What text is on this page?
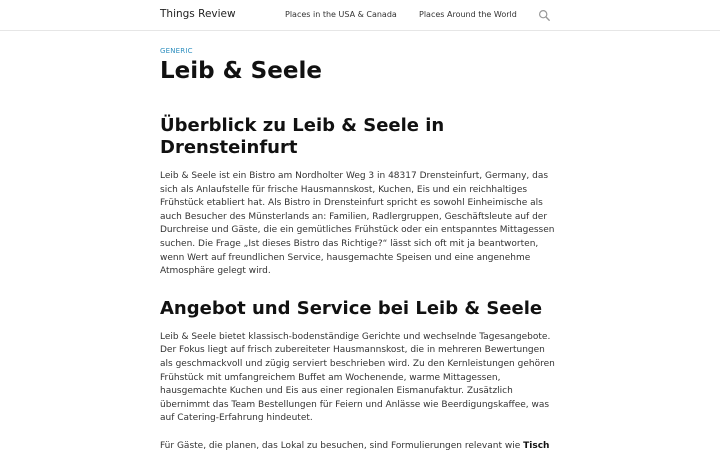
Things Review	Places in the USA & Canada	Places Around the World
GENERIC
Leib & Seele
Überblick zu Leib & Seele in Drensteinfurt

Leib & Seele ist ein Bistro am Nordholter Weg 3 in 48317 Drensteinfurt, Germany, das sich als Anlaufstelle für frische Hausmannskost, Kuchen, Eis und ein reichhaltiges Frühstück etabliert hat. Als Bistro in Drensteinfurt spricht es sowohl Einheimische als auch Besucher des Münsterlands an: Familien, Radlergruppen, Geschäftsleute auf der Durchreise und Gäste, die ein gemütliches Frühstück oder ein entspanntes Mittagessen suchen. Die Frage „Ist dieses Bistro das Richtige?“ lässt sich oft mit ja beantworten, wenn Wert auf freundlichen Service, hausgemachte Speisen und eine angenehme Atmosphäre gelegt wird.

Angebot und Service bei Leib & Seele

Leib & Seele bietet klassisch-bodenständige Gerichte und wechselnde Tagesangebote. Der Fokus liegt auf frisch zubereiteter Hausmannskost, die in mehreren Bewertungen als geschmackvoll und zügig serviert beschrieben wird. Zu den Kernleistungen gehören Frühstück mit umfangreichem Buffet am Wochenende, warme Mittagessen, hausgemachte Kuchen und Eis aus einer regionalen Eismanufaktur. Zusätzlich übernimmt das Team Bestellungen für Feiern und Anlässe wie Beerdigungskaffee, was auf Catering-Erfahrung hindeutet.

Für Gäste, die planen, das Lokal zu besuchen, sind Formulierungen relevant wie Tisch
